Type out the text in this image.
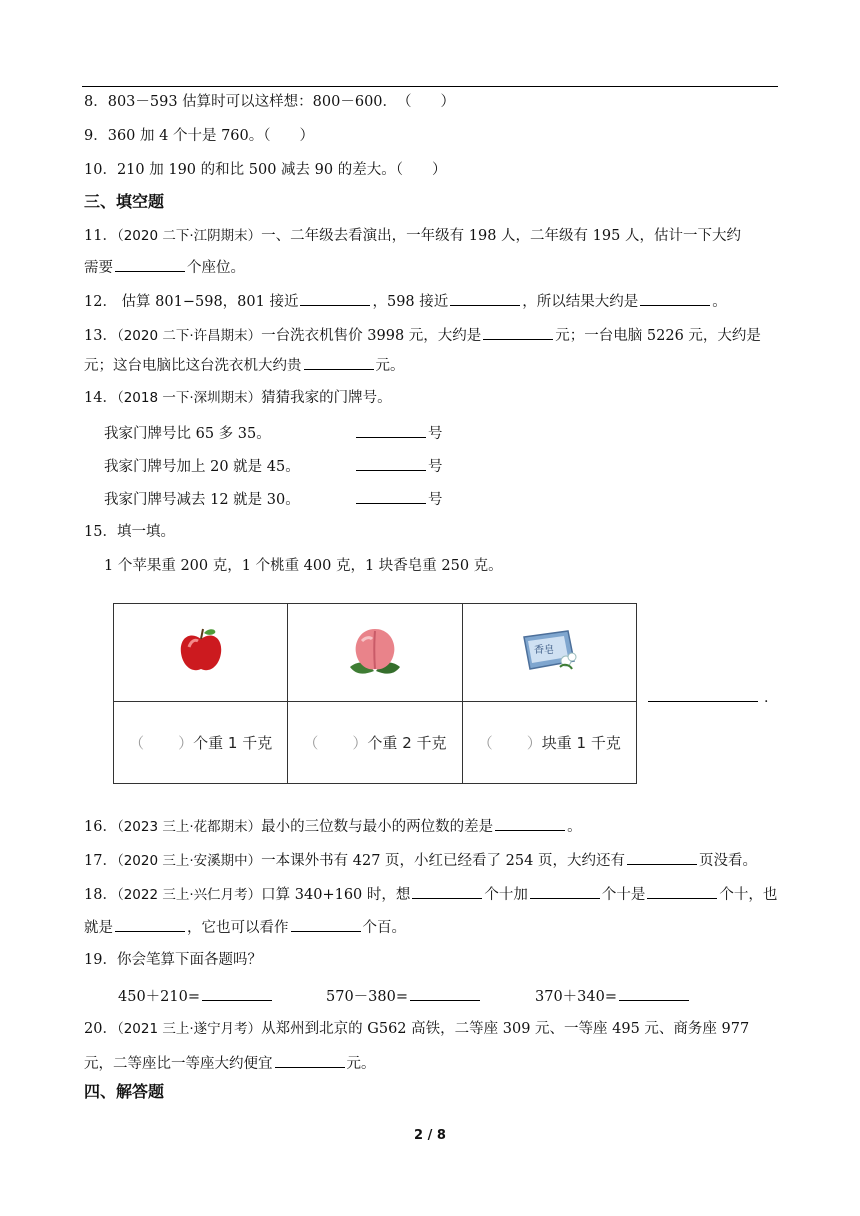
8．803－593 估算时可以这样想：800－600．　（　　）
9．360 加 4 个十是 760。（　　）
10．210 加 190 的和比 500 减去 90 的差大。（　　）
三、填空题
11．（2020 二下·江阴期末）一、二年级去看演出，一年级有 198 人，二年级有 195 人，估计一下大约
需要	个座位。
12． 估算 801−598，801 接近	，598 接近	，所以结果大约是	。
13．（2020 二下·许昌期末）一台洗衣机售价 3998 元，大约是	元；一台电脑 5226 元，大约是
元；这台电脑比这台洗衣机大约贵	元。
14．（2018 一下·深圳期末）猜猜我家的门牌号。
我家门牌号比 65 多 35。	号
我家门牌号加上 20 就是 45。	号
我家门牌号减去 12 就是 30。	号
15．填一填。
1 个苹果重 200 克，1 个桃重 400 克，1 块香皂重 250 克。

香皂

（ ）个重 1 千克	（ ）个重 2 千克	（ ）块重 1 千克
.
16．（2023 三上·花都期末）最小的三位数与最小的两位数的差是	。
17．（2020 三上·安溪期中）一本课外书有 427 页，小红已经看了 254 页，大约还有	页没看。
18．（2022 三上·兴仁月考）口算 340+160 时，想	个十加	个十是	个十，也
就是	，它也可以看作	个百。
19．你会笔算下面各题吗？
450＋210=	570－380=	370＋340=
20．（2021 三上·遂宁月考）从郑州到北京的 G562 高铁，二等座 309 元、一等座 495 元、商务座 977
元，二等座比一等座大约便宜	元。
四、解答题
2 / 8
